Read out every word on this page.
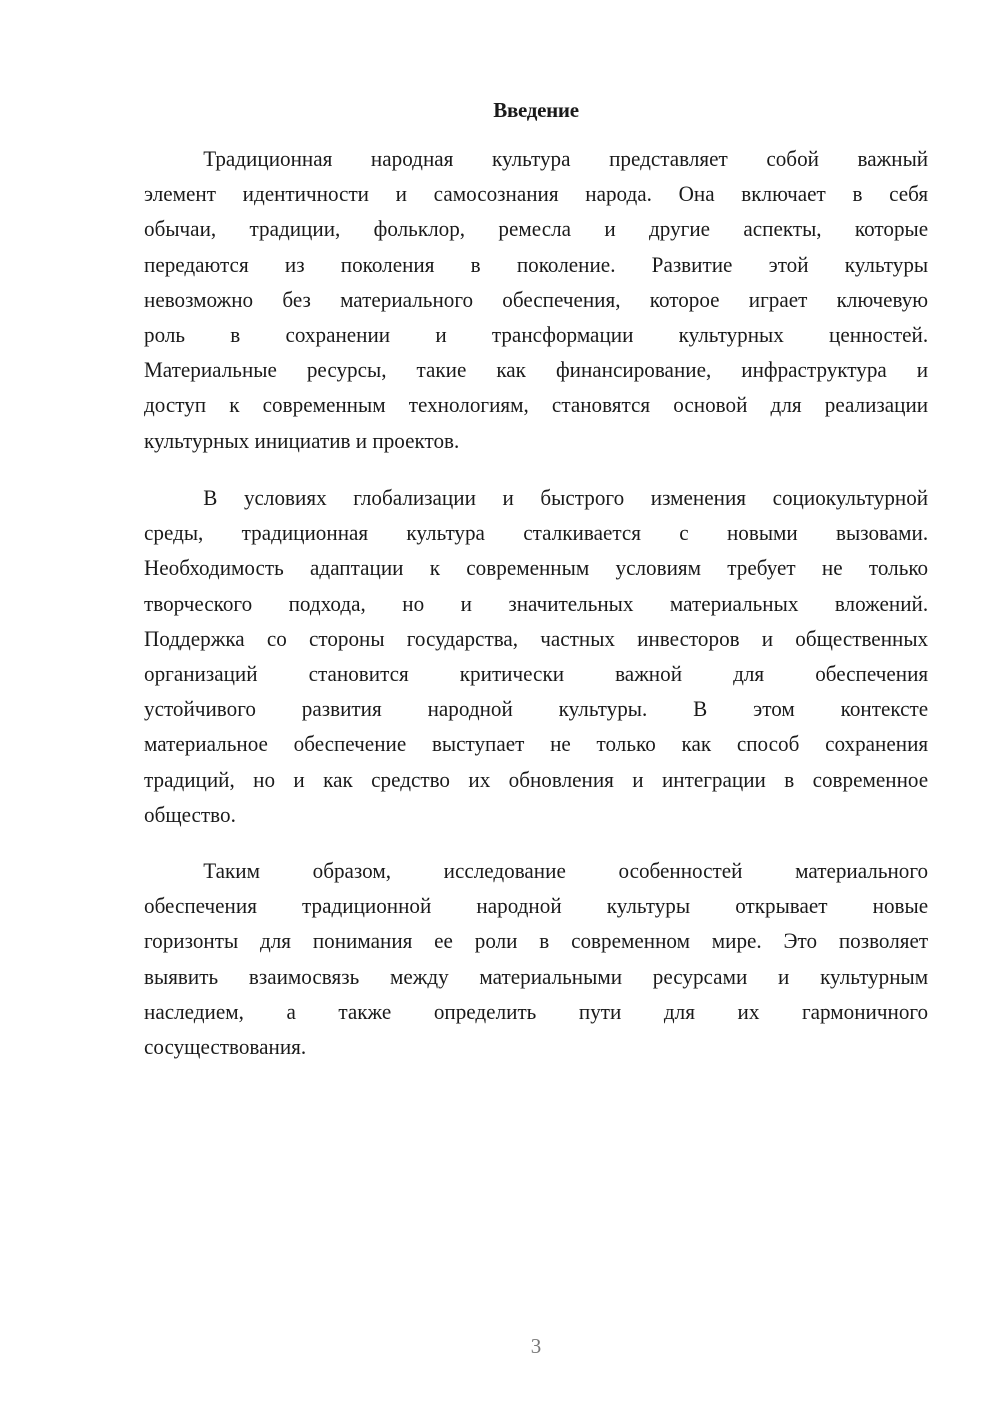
Введение
Традиционная народная культура представляет собой важный
элемент идентичности и самосознания народа. Она включает в себя
обычаи, традиции, фольклор, ремесла и другие аспекты, которые
передаются из поколения в поколение. Развитие этой культуры
невозможно без материального обеспечения, которое играет ключевую
роль в сохранении и трансформации культурных ценностей.
Материальные ресурсы, такие как финансирование, инфраструктура и
доступ к современным технологиям, становятся основой для реализации
культурных инициатив и проектов.
В условиях глобализации и быстрого изменения социокультурной
среды, традиционная культура сталкивается с новыми вызовами.
Необходимость адаптации к современным условиям требует не только
творческого подхода, но и значительных материальных вложений.
Поддержка со стороны государства, частных инвесторов и общественных
организаций становится критически важной для обеспечения
устойчивого развития народной культуры. В этом контексте
материальное обеспечение выступает не только как способ сохранения
традиций, но и как средство их обновления и интеграции в современное
общество.
Таким образом, исследование особенностей материального
обеспечения традиционной народной культуры открывает новые
горизонты для понимания ее роли в современном мире. Это позволяет
выявить взаимосвязь между материальными ресурсами и культурным
наследием, а также определить пути для их гармоничного
сосуществования.
3
